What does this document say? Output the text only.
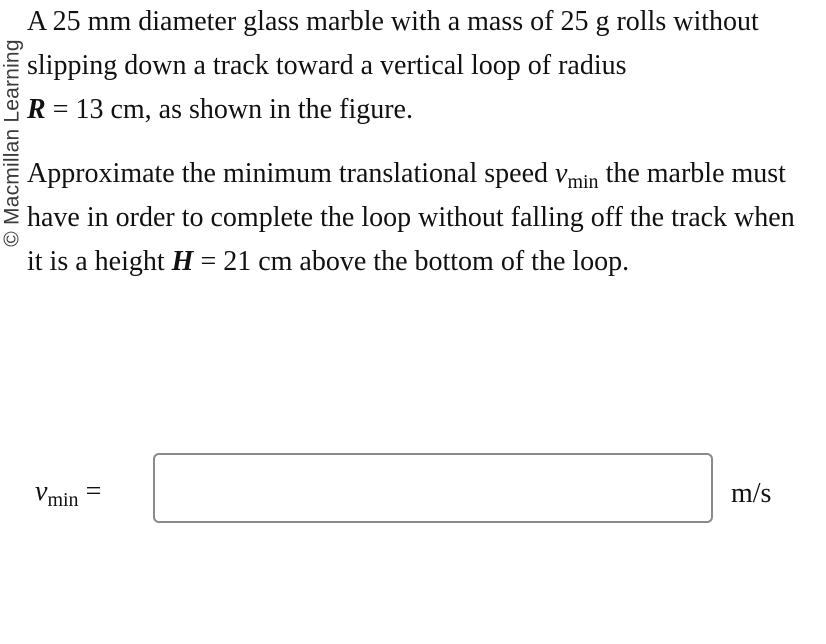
© Macmillan Learning
A 25 mm diameter glass marble with a mass of 25 g rolls without slipping down a track toward a vertical loop of radius
R = 13 cm, as shown in the figure.
Approximate the minimum translational speed $v_{min}$ the marble must have in order to complete the loop without falling off the track when it is a height H = 21 cm above the bottom of the loop.
$v_{min}$ =	m/s
